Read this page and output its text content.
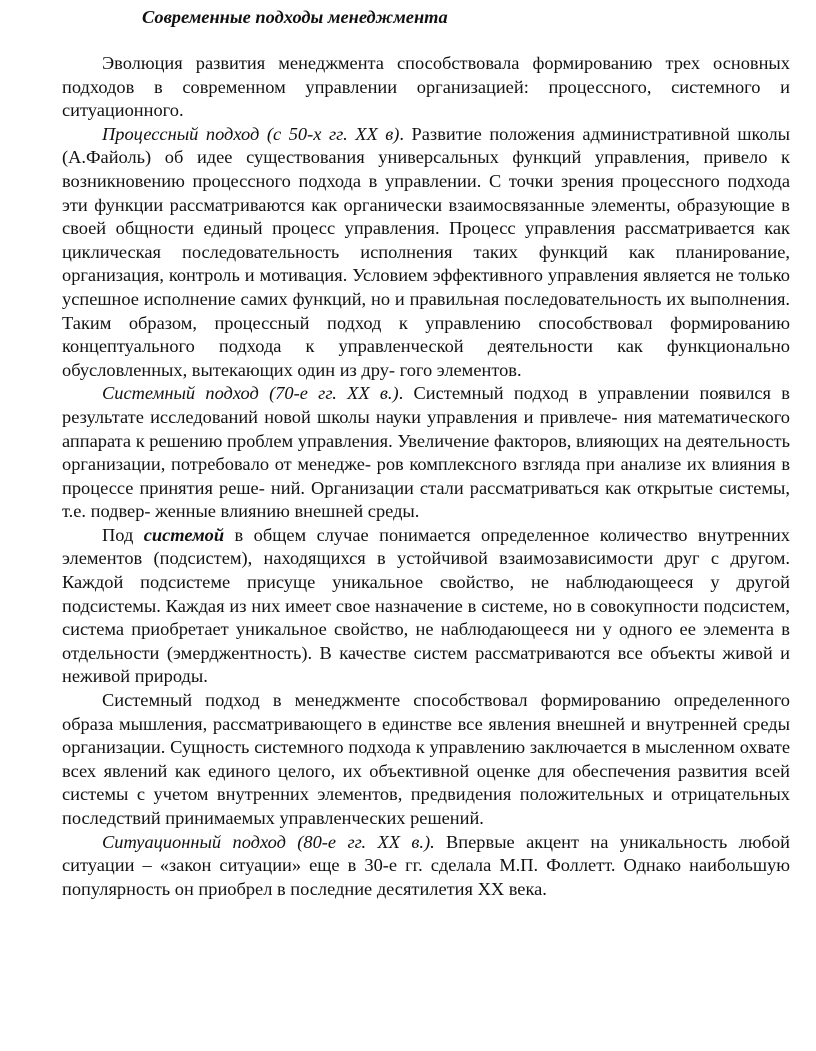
Современные подходы менеджмента

Эволюция развития менеджмента способствовала формированию трех основных подходов в современном управлении организацией: процессного, системного и ситуационного.

Процессный подход (с 50-х гг. XX в). Развитие положения административной школы (А.Файоль) об идее существования универсальных функций управления, привело к возникновению процессного подхода в управлении. С точки зрения процессного подхода эти функции рассматриваются как органически взаимосвязанные элементы, образующие в своей общности единый процесс управления. Процесс управления рассматривается как циклическая последовательность исполнения таких функций как планирование, организация, контроль и мотивация. Условием эффективного управления является не только успешное исполнение самих функций, но и правильная последовательность их выполнения. Таким образом, процессный подход к управлению способствовал формированию концептуального подхода к управленческой деятельности как функционально обусловленных, вытекающих один из дру- гого элементов.

Системный подход (70-е гг. XX в.). Системный подход в управлении появился в результате исследований новой школы науки управления и привлече- ния математического аппарата к решению проблем управления. Увеличение факторов, влияющих на деятельность организации, потребовало от менедже- ров комплексного взгляда при анализе их влияния в процессе принятия реше- ний. Организации стали рассматриваться как открытые системы, т.е. подвер- женные влиянию внешней среды.

Под системой в общем случае понимается определенное количество внутренних элементов (подсистем), находящихся в устойчивой взаимозависимости друг с другом. Каждой подсистеме присуще уникальное свойство, не наблюдающееся у другой подсистемы. Каждая из них имеет свое назначение в системе, но в совокупности подсистем, система приобретает уникальное свойство, не наблюдающееся ни у одного ее элемента в отдельности (эмерджентность). В качестве систем рассматриваются все объекты живой и неживой природы.

Системный подход в менеджменте способствовал формированию определенного образа мышления, рассматривающего в единстве все явления внешней и внутренней среды организации. Сущность системного подхода к управлению заключается в мысленном охвате всех явлений как единого целого, их объективной оценке для обеспечения развития всей системы с учетом внутренних элементов, предвидения положительных и отрицательных последствий принимаемых управленческих решений.

Ситуационный подход (80-е гг. XX в.). Впервые акцент на уникальность любой ситуации – «закон ситуации» еще в 30-е гг. сделала М.П. Фоллетт. Однако наибольшую популярность он приобрел в последние десятилетия XX века.
